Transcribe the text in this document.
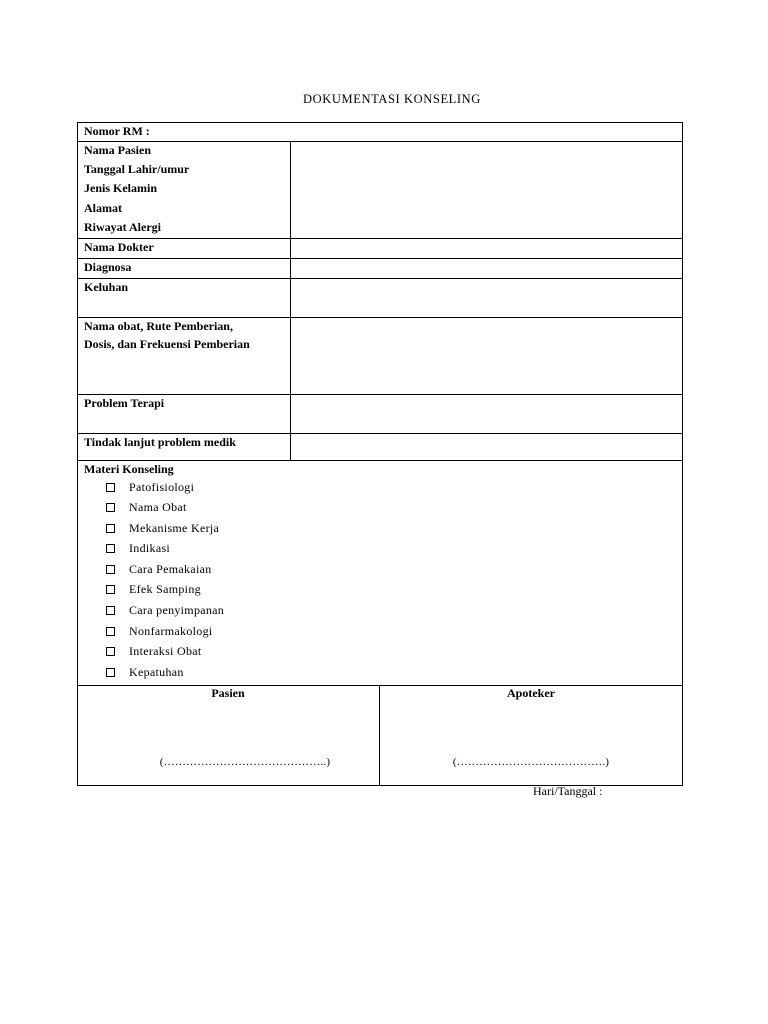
DOKUMENTASI KONSELING
Nomor RM :
Nama Pasien
Tanggal Lahir/umur
Jenis Kelamin
Alamat
Riwayat Alergi
Nama Dokter
Diagnosa
Keluhan
Nama obat, Rute Pemberian,
Dosis, dan Frekuensi Pemberian
Problem Terapi
Tindak lanjut problem medik
Materi Konseling
Patofisiologi
Nama Obat
Mekanisme Kerja
Indikasi
Cara Pemakaian
Efek Samping
Cara penyimpanan
Nonfarmakologi
Interaksi Obat
Kepatuhan
Pasien	Apoteker
(……………………………………..)	(………………………………….)
Hari/Tanggal :
